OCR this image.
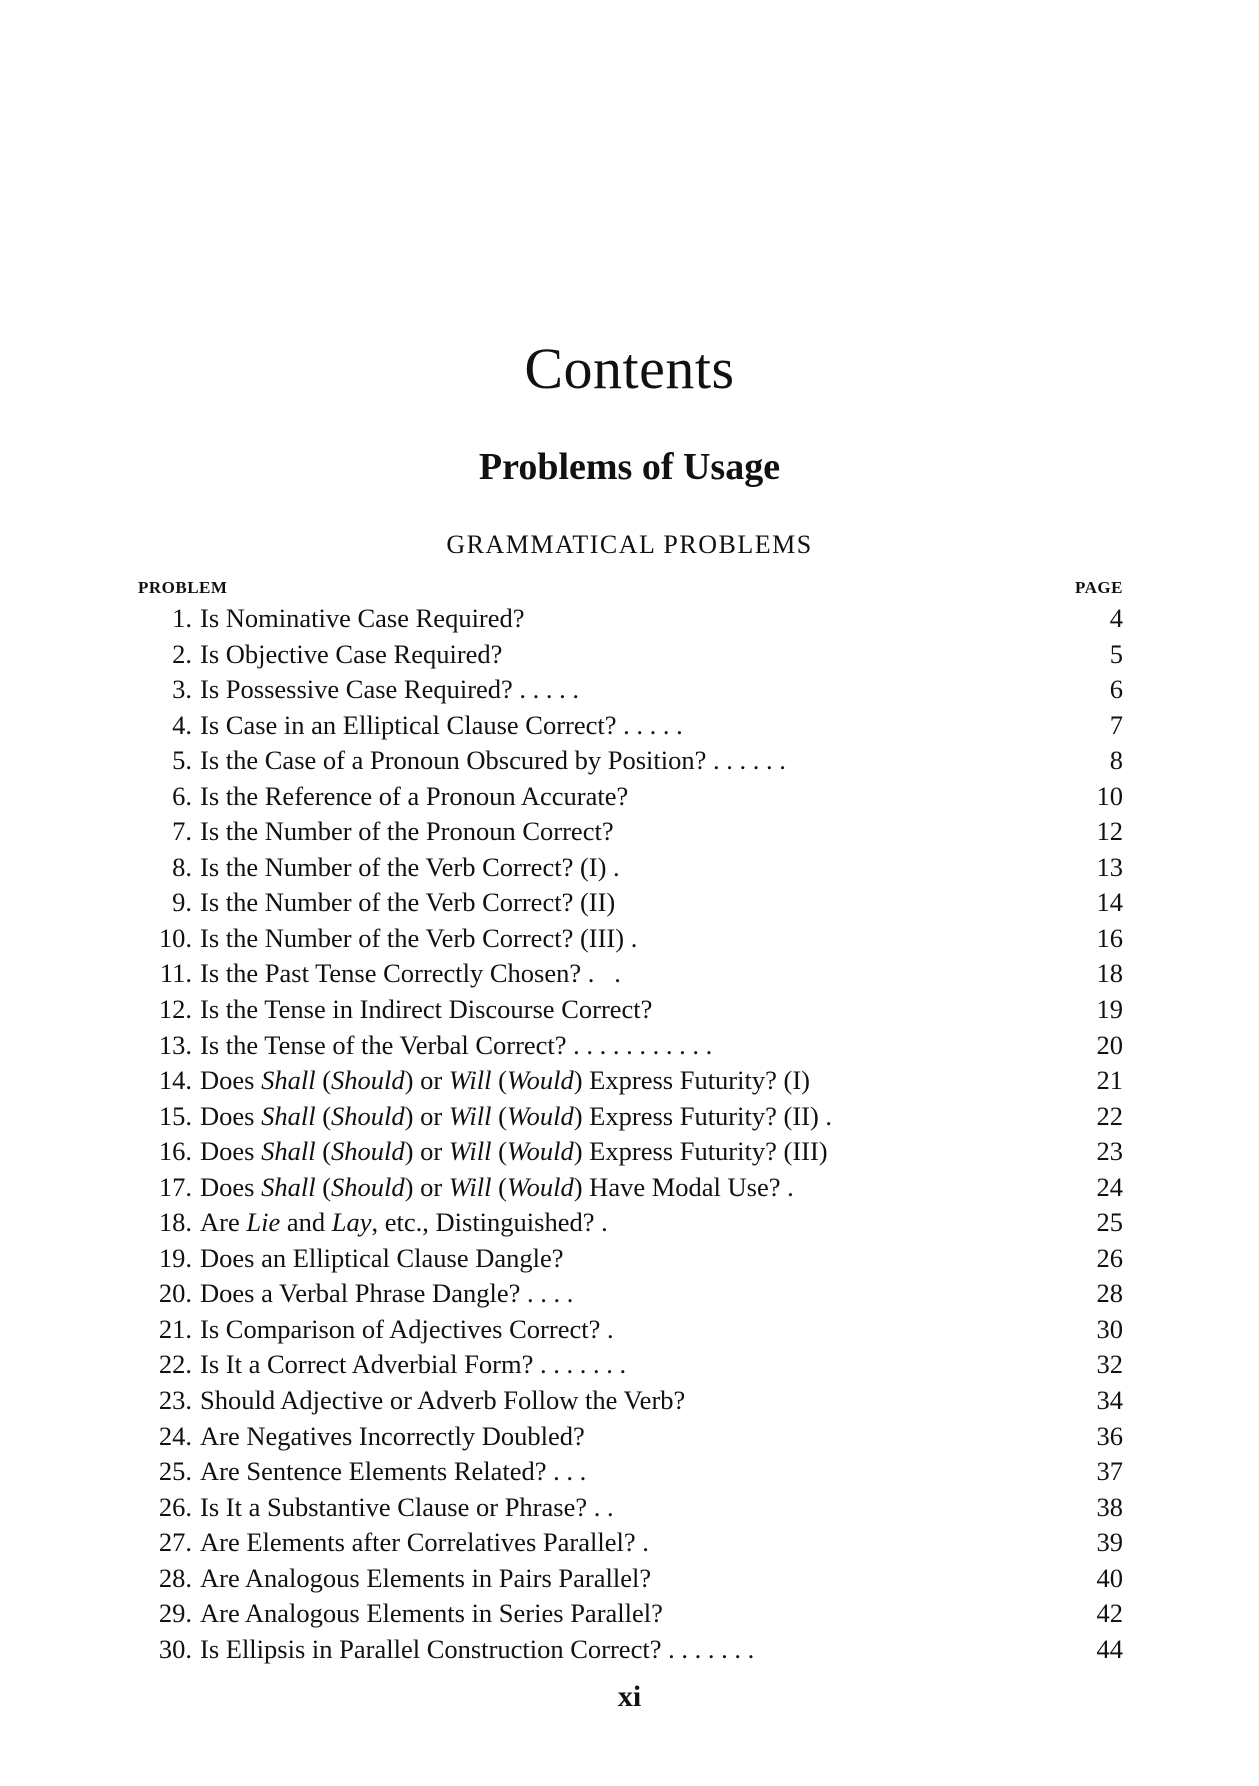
Contents
Problems of Usage
GRAMMATICAL PROBLEMS
PROBLEM	PAGE
1. Is Nominative Case Required?	4
2. Is Objective Case Required?	5
3. Is Possessive Case Required? . . . . .	6
4. Is Case in an Elliptical Clause Correct? . . . . .	7
5. Is the Case of a Pronoun Obscured by Position? . . . . . .	8
6. Is the Reference of a Pronoun Accurate?	10
7. Is the Number of the Pronoun Correct?	12
8. Is the Number of the Verb Correct? (I) .	13
9. Is the Number of the Verb Correct? (II)	14
10. Is the Number of the Verb Correct? (III) .	16
11. Is the Past Tense Correctly Chosen? .   .	18
12. Is the Tense in Indirect Discourse Correct?	19
13. Is the Tense of the Verbal Correct? . . . . . . . . . . .	20
14. Does Shall (Should) or Will (Would) Express Futurity? (I)	21
15. Does Shall (Should) or Will (Would) Express Futurity? (II) .	22
16. Does Shall (Should) or Will (Would) Express Futurity? (III)	23
17. Does Shall (Should) or Will (Would) Have Modal Use? .	24
18. Are Lie and Lay, etc., Distinguished? .	25
19. Does an Elliptical Clause Dangle?	26
20. Does a Verbal Phrase Dangle? . . . .	28
21. Is Comparison of Adjectives Correct? .	30
22. Is It a Correct Adverbial Form? . . . . . . .	32
23. Should Adjective or Adverb Follow the Verb?	34
24. Are Negatives Incorrectly Doubled?	36
25. Are Sentence Elements Related? . . .	37
26. Is It a Substantive Clause or Phrase? . .	38
27. Are Elements after Correlatives Parallel? .	39
28. Are Analogous Elements in Pairs Parallel?	40
29. Are Analogous Elements in Series Parallel?	42
30. Is Ellipsis in Parallel Construction Correct? . . . . . . .	44
xi
